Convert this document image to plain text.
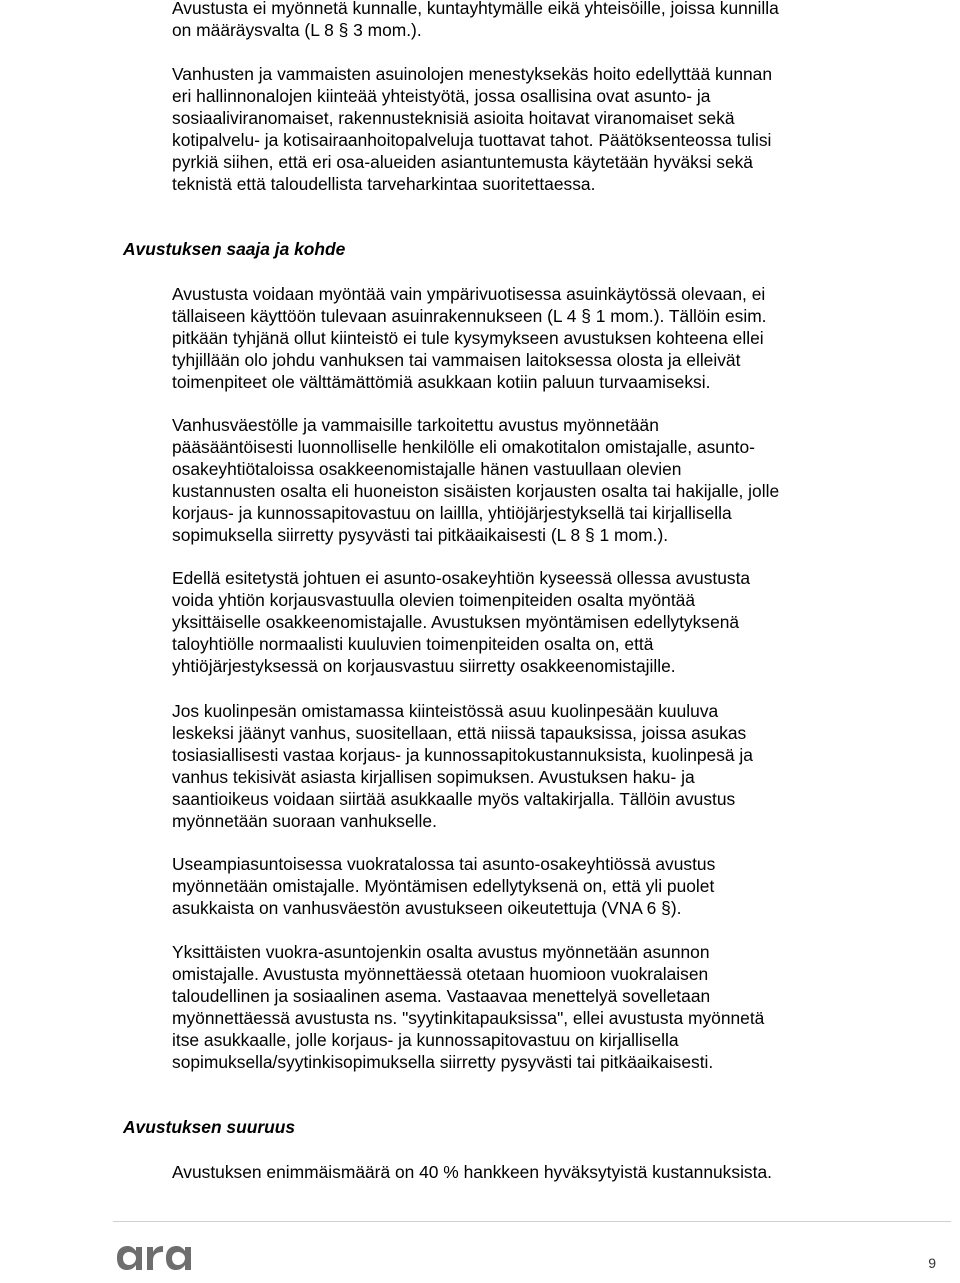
Avustusta ei myönnetä kunnalle, kuntayhtymälle eikä yhteisöille, joissa kunnilla
on määräysvalta (L 8 § 3 mom.).

Vanhusten ja vammaisten asuinolojen menestyksekäs hoito edellyttää kunnan
eri hallinnonalojen kiinteää yhteistyötä, jossa osallisina ovat asunto- ja
sosiaaliviranomaiset, rakennusteknisiä asioita hoitavat viranomaiset sekä
kotipalvelu- ja kotisairaanhoitopalveluja tuottavat tahot. Päätöksenteossa tulisi
pyrkiä siihen, että eri osa-alueiden asiantuntemusta käytetään hyväksi sekä
teknistä että taloudellista tarveharkintaa suoritettaessa.

Avustuksen saaja ja kohde

Avustusta voidaan myöntää vain ympärivuotisessa asuinkäytössä olevaan, ei
tällaiseen käyttöön tulevaan asuinrakennukseen (L 4 § 1 mom.). Tällöin esim.
pitkään tyhjänä ollut kiinteistö ei tule kysymykseen avustuksen kohteena ellei
tyhjillään olo johdu vanhuksen tai vammaisen laitoksessa olosta ja elleivät
toimenpiteet ole välttämättömiä asukkaan kotiin paluun turvaamiseksi.

Vanhusväestölle ja vammaisille tarkoitettu avustus myönnetään
pääsääntöisesti luonnolliselle henkilölle eli omakotitalon omistajalle, asunto-
osakeyhtiötaloissa osakkeenomistajalle hänen vastuullaan olevien
kustannusten osalta eli huoneiston sisäisten korjausten osalta tai hakijalle, jolle
korjaus- ja kunnossapitovastuu on laillla, yhtiöjärjestyksellä tai kirjallisella
sopimuksella siirretty pysyvästi tai pitkäaikaisesti (L 8 § 1 mom.).

Edellä esitetystä johtuen ei asunto-osakeyhtiön kyseessä ollessa avustusta
voida yhtiön korjausvastuulla olevien toimenpiteiden osalta myöntää
yksittäiselle osakkeenomistajalle. Avustuksen myöntämisen edellytyksenä
taloyhtiölle normaalisti kuuluvien toimenpiteiden osalta on, että
yhtiöjärjestyksessä on korjausvastuu siirretty osakkeenomistajille.

Jos kuolinpesän omistamassa kiinteistössä asuu kuolinpesään kuuluva
leskeksi jäänyt vanhus, suositellaan, että niissä tapauksissa, joissa asukas
tosiasiallisesti vastaa korjaus- ja kunnossapitokustannuksista, kuolinpesä ja
vanhus tekisivät asiasta kirjallisen sopimuksen. Avustuksen haku- ja
saantioikeus voidaan siirtää asukkaalle myös valtakirjalla. Tällöin avustus
myönnetään suoraan vanhukselle.

Useampiasuntoisessa vuokratalossa tai asunto-osakeyhtiössä avustus
myönnetään omistajalle. Myöntämisen edellytyksenä on, että yli puolet
asukkaista on vanhusväestön avustukseen oikeutettuja (VNA 6 §).

Yksittäisten vuokra-asuntojenkin osalta avustus myönnetään asunnon
omistajalle. Avustusta myönnettäessä otetaan huomioon vuokralaisen
taloudellinen ja sosiaalinen asema. Vastaavaa menettelyä sovelletaan
myönnettäessä avustusta ns. "syytinkitapauksissa", ellei avustusta myönnetä
itse asukkaalle, jolle korjaus- ja kunnossapitovastuu on kirjallisella
sopimuksella/syytinkisopimuksella siirretty pysyvästi tai pitkäaikaisesti.

Avustuksen suuruus

Avustuksen enimmäismäärä on 40 % hankkeen hyväksytyistä kustannuksista.

9
